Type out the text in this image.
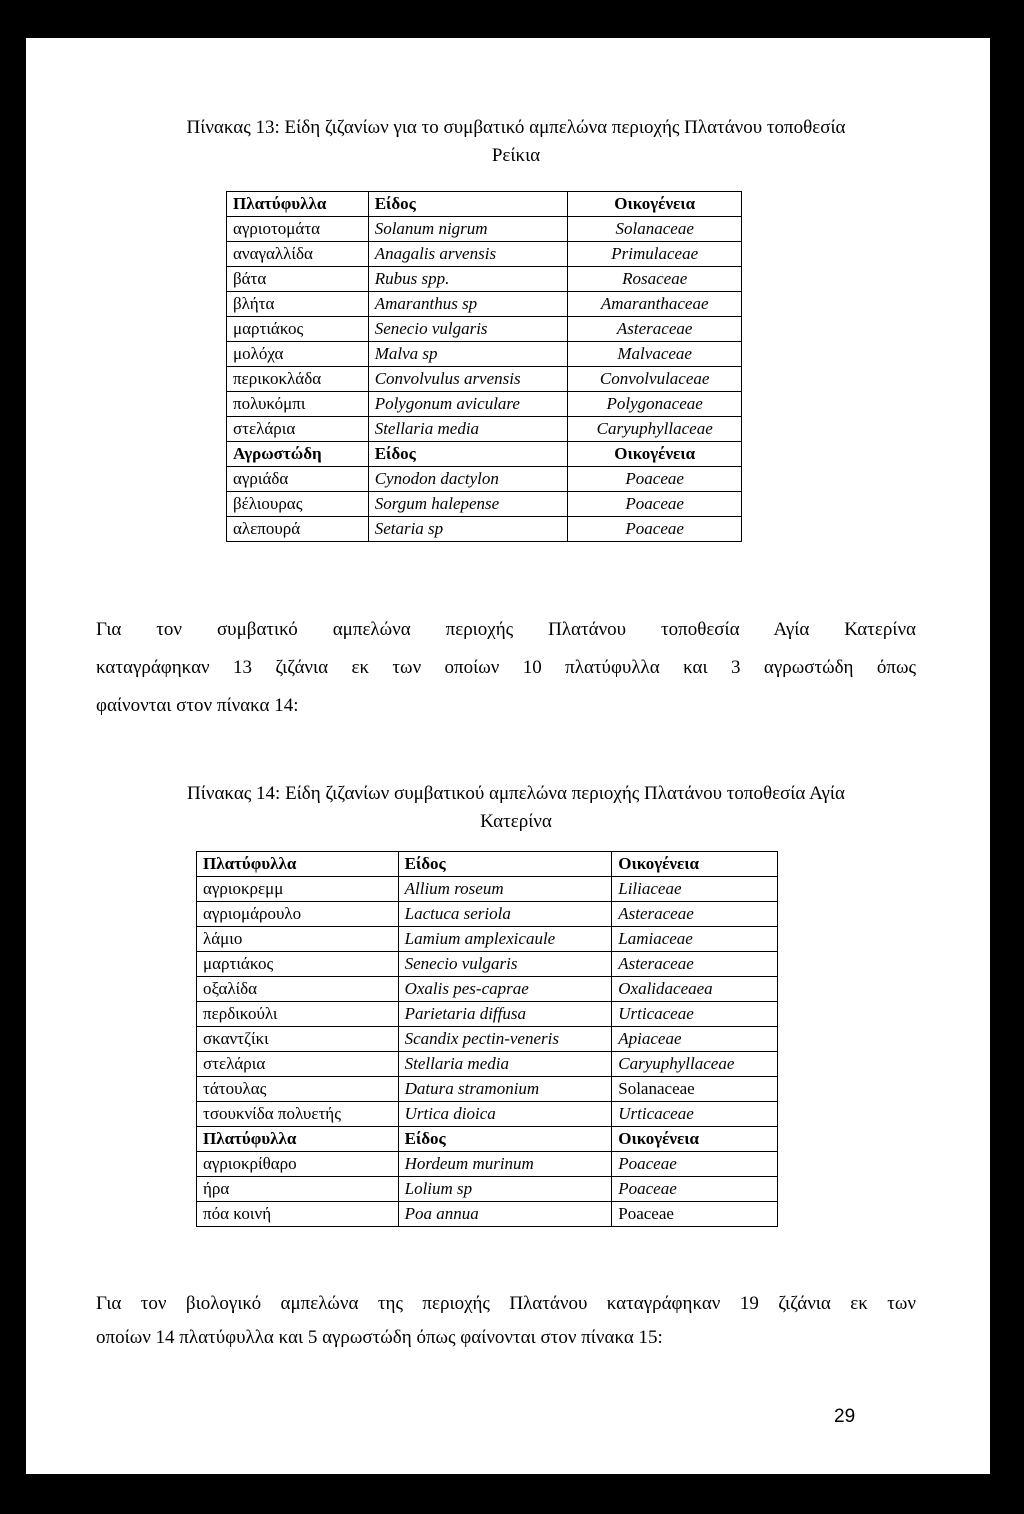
Πίνακας 13: Είδη ζιζανίων για το συμβατικό αμπελώνα περιοχής Πλατάνου τοποθεσία
Ρείκια
Πλατύφυλλα	Είδος	Οικογένεια
αγριοτομάτα	Solanum nigrum	Solanaceae
αναγαλλίδα	Anagalis arvensis	Primulaceae
βάτα	Rubus spp.	Rosaceae
βλήτα	Amaranthus sp	Amaranthaceae
μαρτιάκος	Senecio vulgaris	Asteraceae
μολόχα	Malva sp	Malvaceae
περικοκλάδα	Convolvulus arvensis	Convolvulaceae
πολυκόμπι	Polygonum aviculare	Polygonaceae
στελάρια	Stellaria media	Caryuphyllaceae
Αγρωστώδη	Είδος	Οικογένεια
αγριάδα	Cynodon dactylon	Poaceae
βέλιουρας	Sorgum halepense	Poaceae
αλεπουρά	Setaria sp	Poaceae
Για τον συμβατικό αμπελώνα περιοχής Πλατάνου τοποθεσία Αγία Κατερίνα
καταγράφηκαν 13 ζιζάνια εκ των οποίων 10 πλατύφυλλα και 3 αγρωστώδη όπως
φαίνονται στον πίνακα 14:
Πίνακας 14: Είδη ζιζανίων συμβατικού αμπελώνα περιοχής Πλατάνου τοποθεσία Αγία
Κατερίνα
Πλατύφυλλα	Είδος	Οικογένεια
αγριοκρεμμ	Allium roseum	Liliaceae
αγριομάρουλο	Lactuca seriola	Asteraceae
λάμιο	Lamium amplexicaule	Lamiaceae
μαρτιάκος	Senecio vulgaris	Asteraceae
οξαλίδα	Oxalis pes-caprae	Oxalidaceaea
περδικούλι	Parietaria diffusa	Urticaceae
σκαντζίκι	Scandix pectin-veneris	Apiaceae
στελάρια	Stellaria media	Caryuphyllaceae
τάτουλας	Datura stramonium	Solanaceae
τσουκνίδα πολυετής	Urtica dioica	Urticaceae
Πλατύφυλλα	Είδος	Οικογένεια
αγριοκρίθαρο	Hordeum murinum	Poaceae
ήρα	Lolium sp	Poaceae
πόα κοινή	Poa annua	Poaceae
Για τον βιολογικό αμπελώνα της περιοχής Πλατάνου καταγράφηκαν 19 ζιζάνια εκ των
οποίων 14 πλατύφυλλα και 5 αγρωστώδη όπως φαίνονται στον πίνακα 15:
29
